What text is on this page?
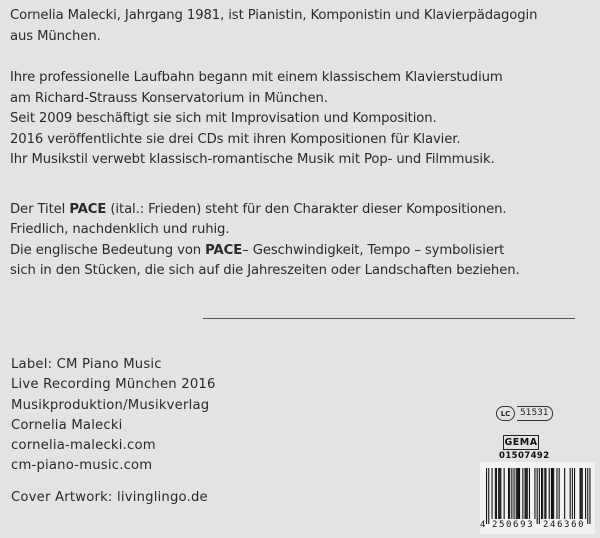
Cornelia Malecki, Jahrgang 1981, ist Pianistin, Komponistin und Klavierpädagogin
aus München.

Ihre professionelle Laufbahn begann mit einem klassischem Klavierstudium
am Richard-Strauss Konservatorium in München.
Seit 2009 beschäftigt sie sich mit Improvisation und Komposition.
2016 veröffentlichte sie drei CDs mit ihren Kompositionen für Klavier.
Ihr Musikstil verwebt klassisch-romantische Musik mit Pop- und Filmmusik.

Der Titel PACE (ital.: Frieden) steht für den Charakter dieser Kompositionen.
Friedlich, nachdenklich und ruhig.
Die englische Bedeutung von PACE– Geschwindigkeit, Tempo – symbolisiert
sich in den Stücken, die sich auf die Jahreszeiten oder Landschaften beziehen.

Label: CM Piano Music
Live Recording München 2016
Musikproduktion/Musikverlag
Cornelia Malecki
cornelia-malecki.com
cm-piano-music.com
Cover Artwork: livinglingo.de
LC	51531
GEMA
01507492
4 250693 246360
